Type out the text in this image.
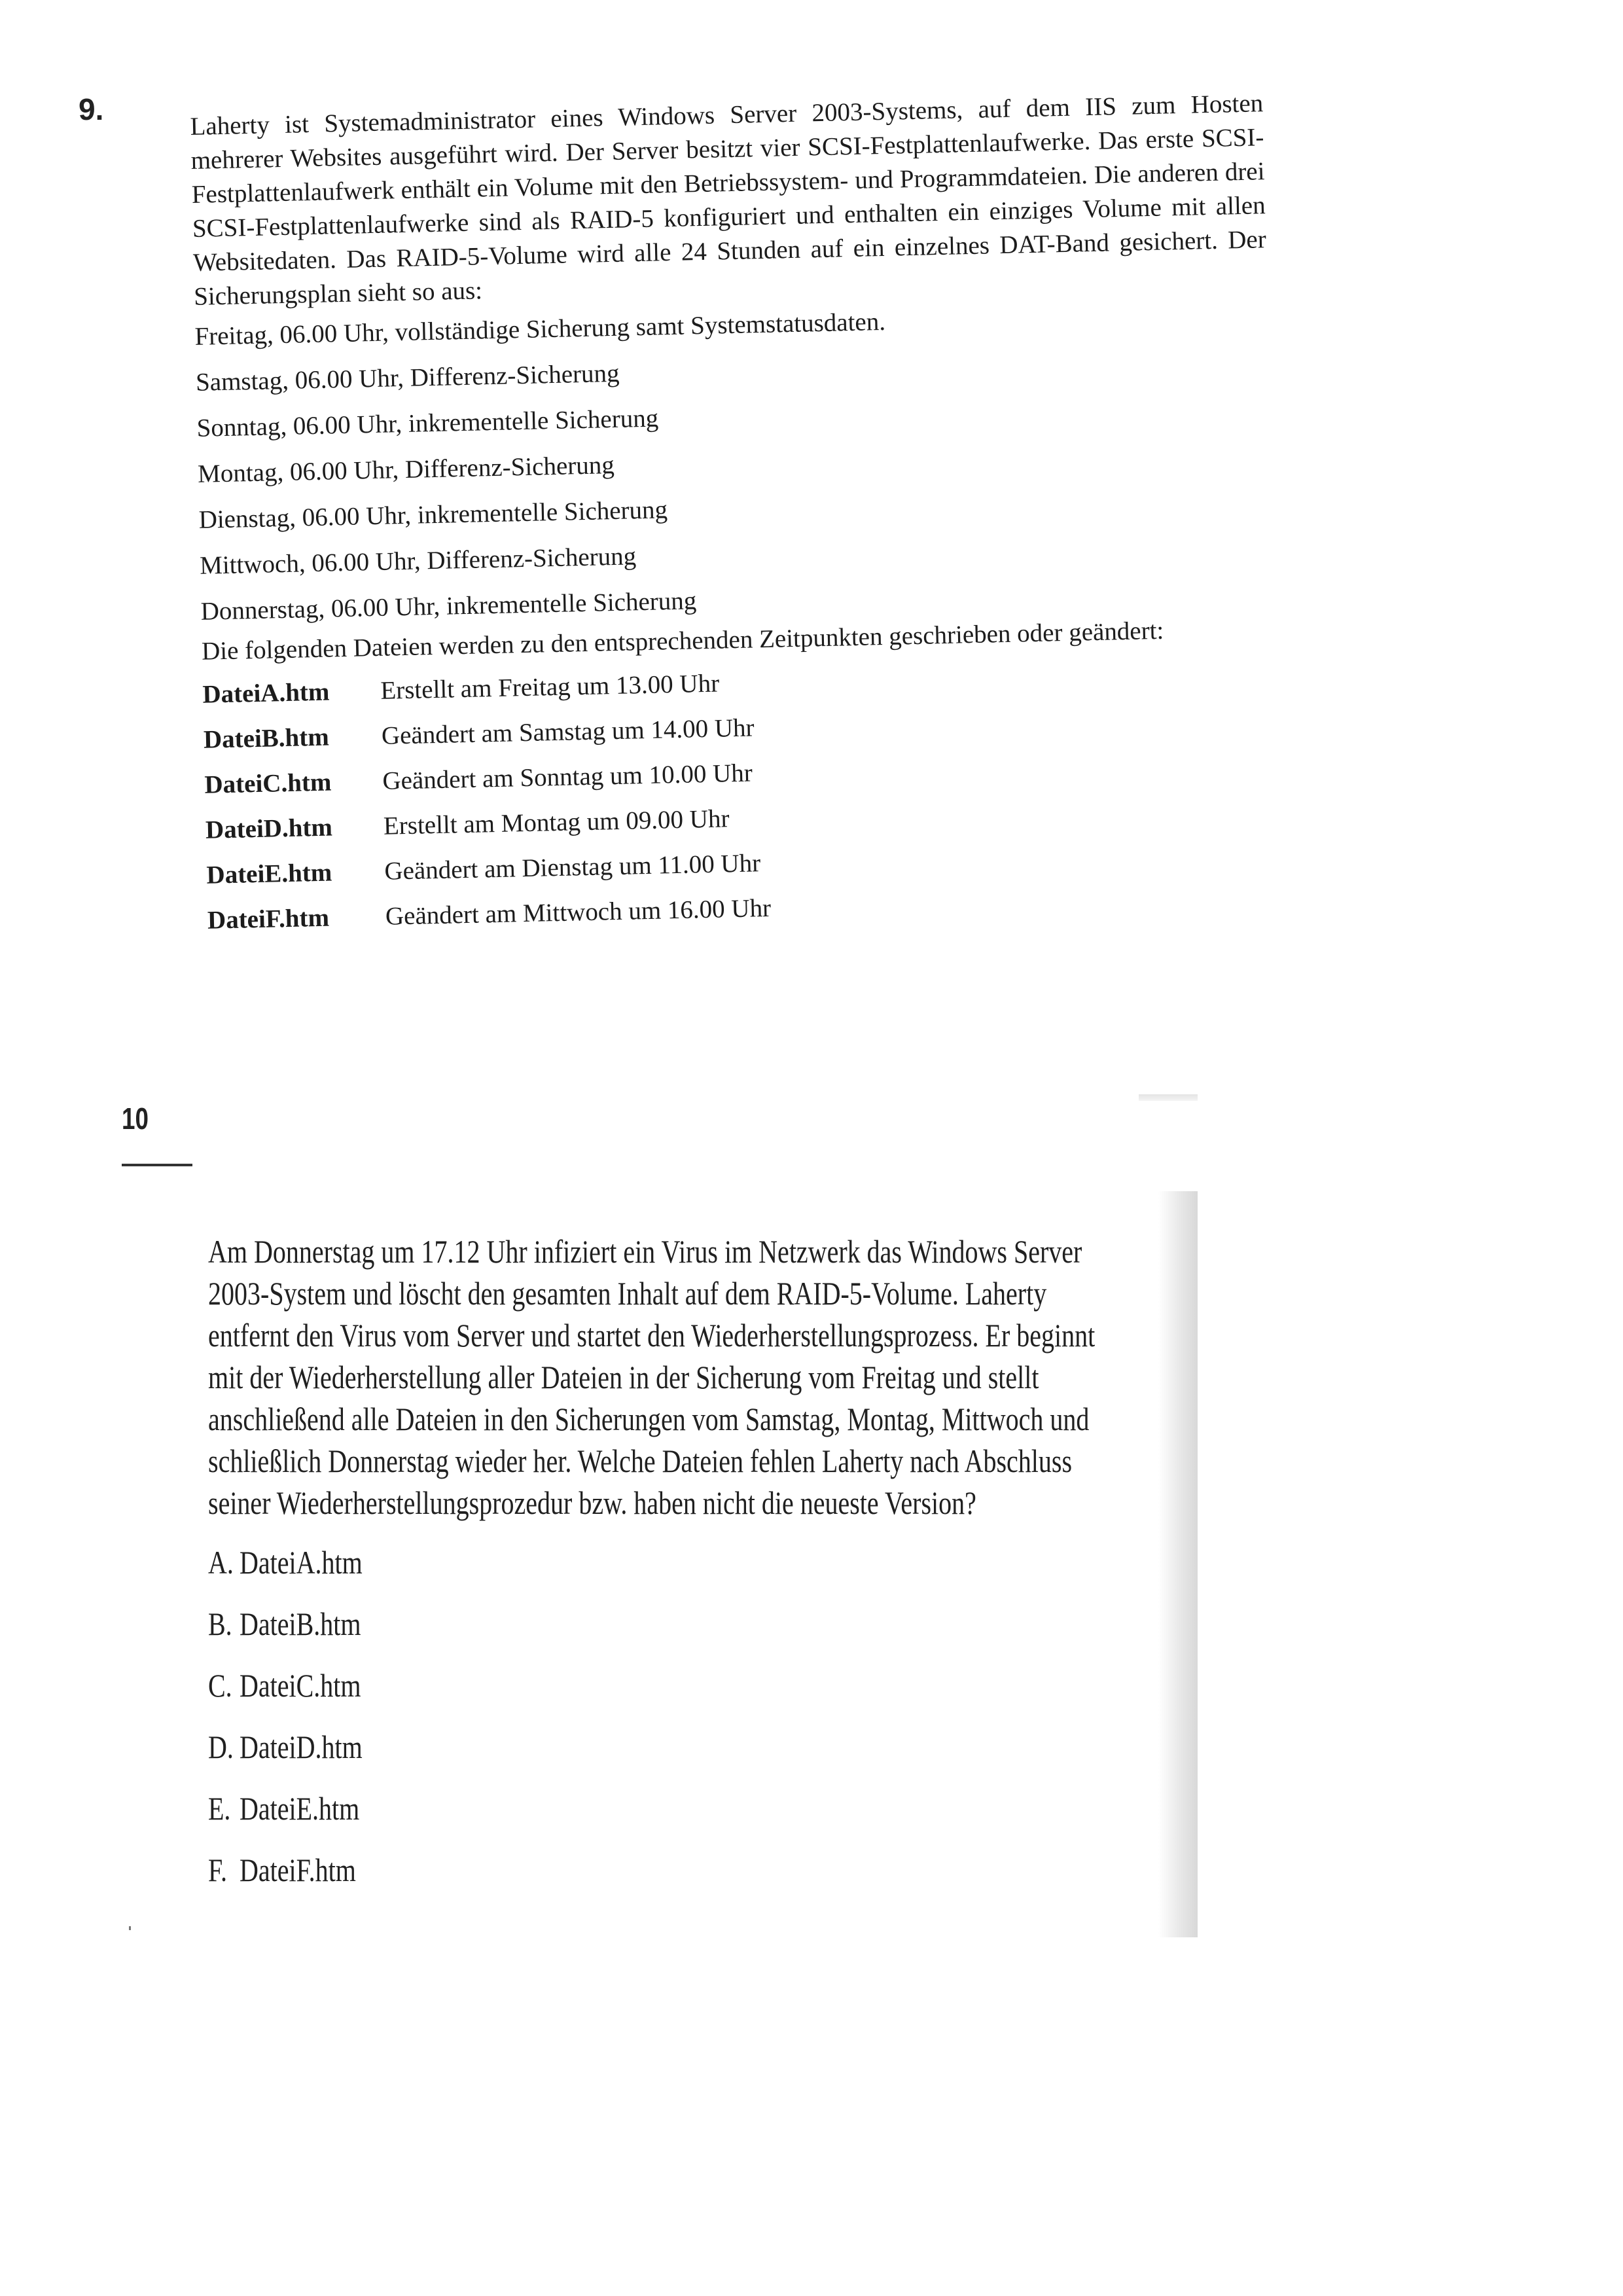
9.	Laherty ist Systemadministrator eines Windows Server 2003-Systems, auf dem IIS zum Hosten mehrerer Websites ausgeführt wird. Der Server besitzt vier SCSI-Festplattenlaufwerke. Das erste SCSI-Festplattenlaufwerk enthält ein Volume mit den Betriebssystem- und Programmdateien. Die anderen drei SCSI-Festplattenlaufwerke sind als RAID-5 konfiguriert und enthalten ein einziges Volume mit allen Websitedaten. Das RAID-5-Volume wird alle 24 Stunden auf ein einzelnes DAT-Band gesichert. Der Sicherungsplan sieht so aus:

Freitag, 06.00 Uhr, vollständige Sicherung samt Systemstatusdaten.
Samstag, 06.00 Uhr, Differenz-Sicherung
Sonntag, 06.00 Uhr, inkrementelle Sicherung
Montag, 06.00 Uhr, Differenz-Sicherung
Dienstag, 06.00 Uhr, inkrementelle Sicherung
Mittwoch, 06.00 Uhr, Differenz-Sicherung
Donnerstag, 06.00 Uhr, inkrementelle Sicherung

Die folgenden Dateien werden zu den entsprechenden Zeitpunkten geschrieben oder geändert:

DateiA.htm Erstellt am Freitag um 13.00 Uhr
DateiB.htm Geändert am Samstag um 14.00 Uhr
DateiC.htm Geändert am Sonntag um 10.00 Uhr
DateiD.htm Erstellt am Montag um 09.00 Uhr
DateiE.htm Geändert am Dienstag um 11.00 Uhr
DateiF.htm Geändert am Mittwoch um 16.00 Uhr
10

Am Donnerstag um 17.12 Uhr infiziert ein Virus im Netzwerk das Windows Server 2003-System und löscht den gesamten Inhalt auf dem RAID-5-Volume. Laherty entfernt den Virus vom Server und startet den Wiederherstellungsprozess. Er beginnt mit der Wiederherstellung aller Dateien in der Sicherung vom Freitag und stellt anschließend alle Dateien in den Sicherungen vom Samstag, Montag, Mittwoch und schließlich Donnerstag wieder her. Welche Dateien fehlen Laherty nach Abschluss seiner Wiederherstellungsprozedur bzw. haben nicht die neueste Version?

A. DateiA.htm
B. DateiB.htm
C. DateiC.htm
D. DateiD.htm
E. DateiE.htm
F. DateiF.htm
